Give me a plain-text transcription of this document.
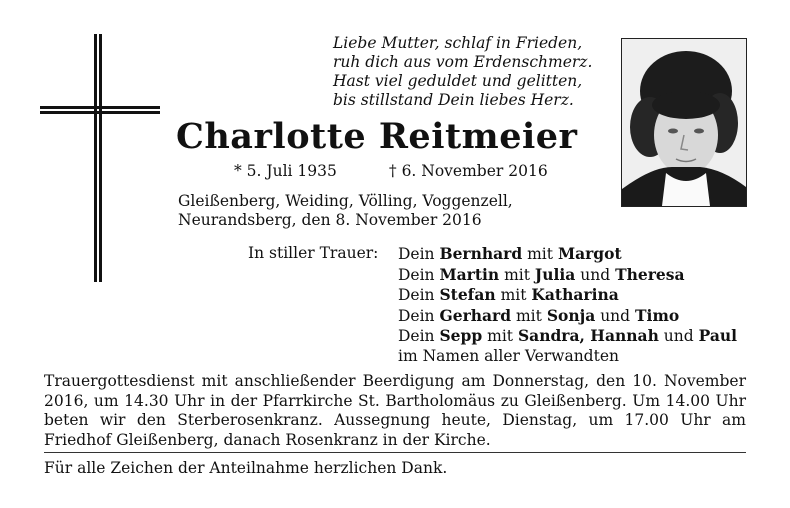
Liebe Mutter, schlaf in Frieden,
ruh dich aus vom Erdenschmerz.
Hast viel geduldet und gelitten,
bis stillstand Dein liebes Herz.
Charlotte Reitmeier
* 5. Juli 1935	† 6. November 2016
Gleißenberg, Weiding, Völling, Voggenzell,
Neurandsberg, den 8. November 2016
In stiller Trauer: Dein Bernhard mit Margot
Dein Martin mit Julia und Theresa
Dein Stefan mit Katharina
Dein Gerhard mit Sonja und Timo
Dein Sepp mit Sandra, Hannah und Paul
im Namen aller Verwandten
Trauergottesdienst mit anschließender Beerdigung am Donnerstag, den 10. November 2016, um 14.30 Uhr in der Pfarrkirche St. Bartholomäus zu Gleißenberg. Um 14.00 Uhr beten wir den Sterberosenkranz. Aussegnung heute, Dienstag, um 17.00 Uhr am Friedhof Gleißenberg, danach Rosenkranz in der Kirche.
Für alle Zeichen der Anteilnahme herzlichen Dank.
